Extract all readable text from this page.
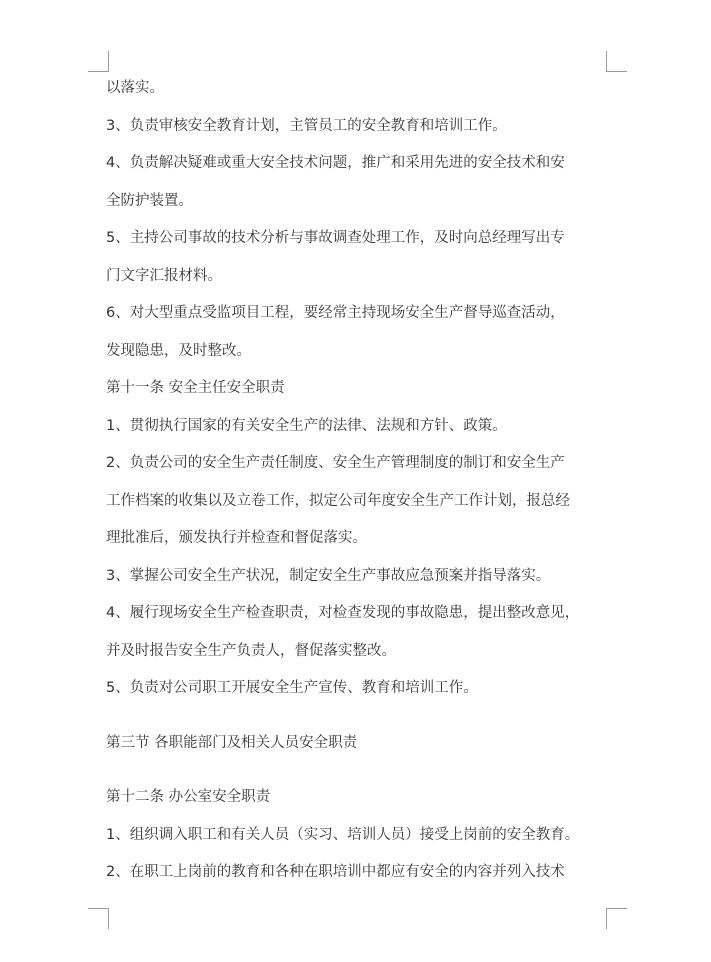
以落实。

3、负责审核安全教育计划，主管员工的安全教育和培训工作。

4、负责解决疑难或重大安全技术问题，推广和采用先进的安全技术和安

全防护装置。

5、主持公司事故的技术分析与事故调查处理工作，及时向总经理写出专

门文字汇报材料。

6、对大型重点受监项目工程，要经常主持现场安全生产督导巡查活动，

发现隐患，及时整改。

第十一条 安全主任安全职责

1、贯彻执行国家的有关安全生产的法律、法规和方针、政策。

2、负责公司的安全生产责任制度、安全生产管理制度的制订和安全生产

工作档案的收集以及立卷工作，拟定公司年度安全生产工作计划，报总经

理批准后，颁发执行并检查和督促落实。

3、掌握公司安全生产状况，制定安全生产事故应急预案并指导落实。

4、履行现场安全生产检查职责，对检查发现的事故隐患，提出整改意见，

并及时报告安全生产负责人，督促落实整改。

5、负责对公司职工开展安全生产宣传、教育和培训工作。

第三节 各职能部门及相关人员安全职责

第十二条 办公室安全职责

1、组织调入职工和有关人员（实习、培训人员）接受上岗前的安全教育。

2、在职工上岗前的教育和各种在职培训中都应有安全的内容并列入技术
